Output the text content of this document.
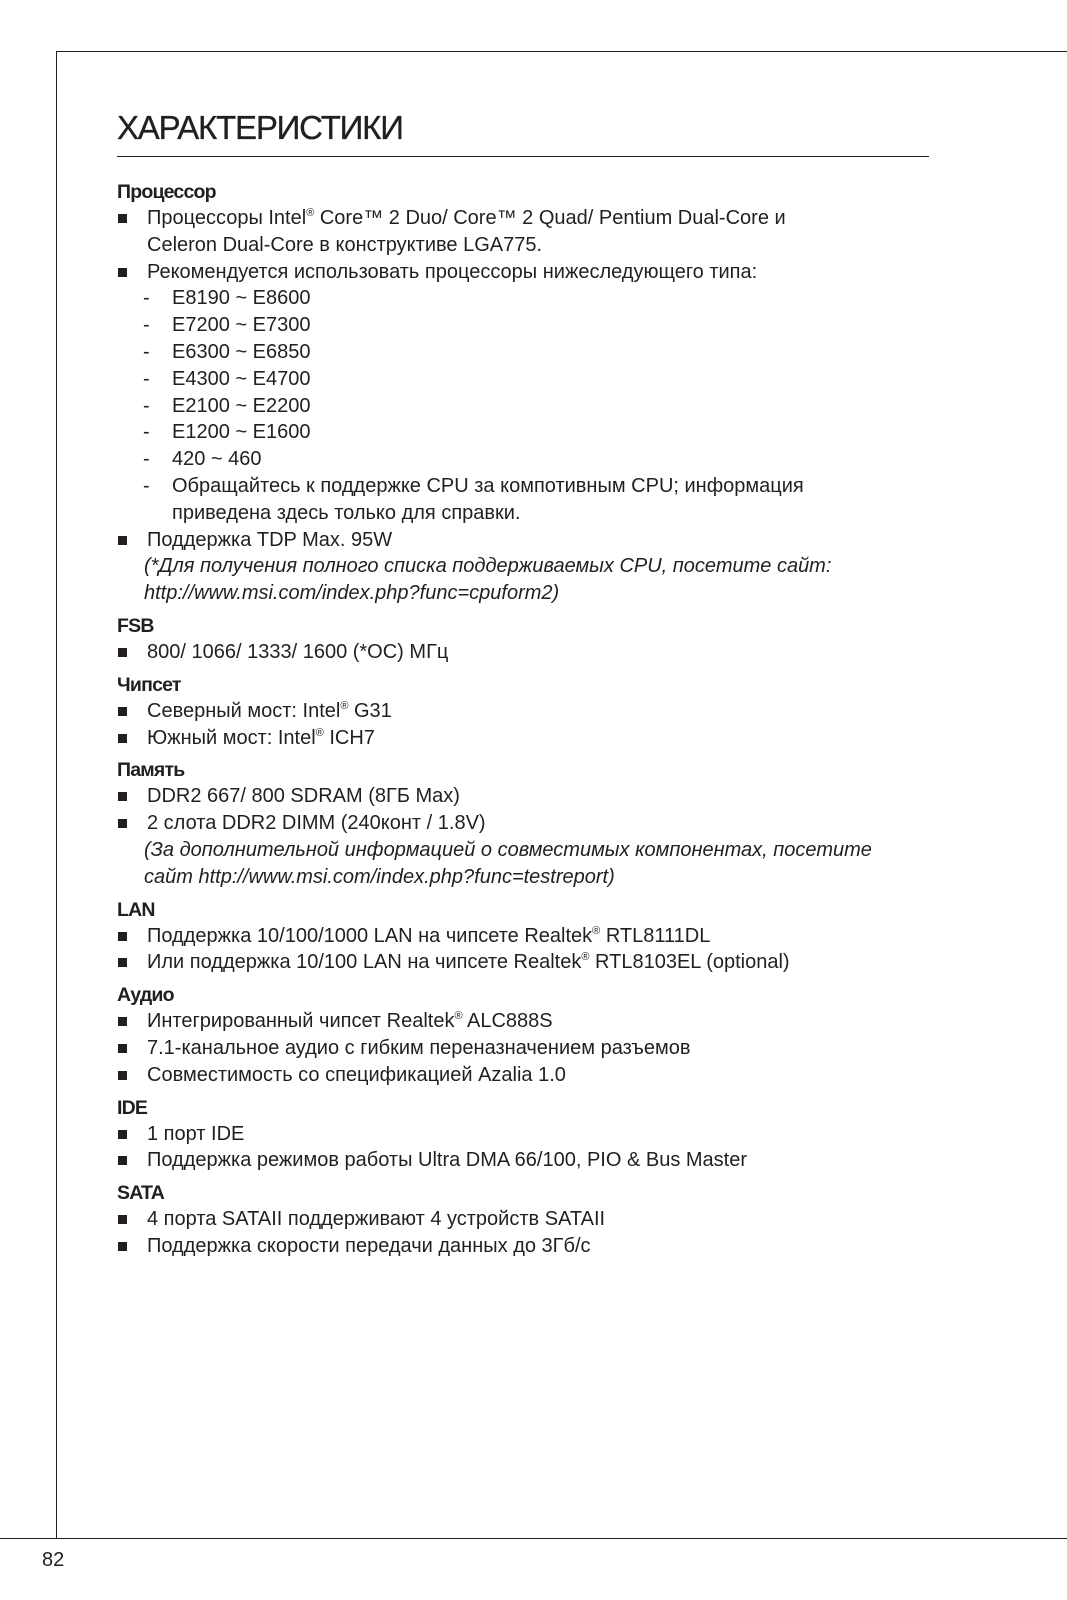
ХАРАКТЕРИСТИКИ
Процессор
Процессоры Intel® Core™ 2 Duo/ Core™ 2 Quad/ Pentium Dual-Core и
Celeron Dual-Core в конструктиве LGA775.
Рекомендуется использовать процессоры нижеследующего типа:
- E8190 ~ E8600
- E7200 ~ E7300
- E6300 ~ E6850
- E4300 ~ E4700
- E2100 ~ E2200
- E1200 ~ E1600
- 420 ~ 460
- Обращайтесь к поддержке CPU за компотивным CPU; информация
приведена здесь только для справки.
Поддержка TDP Max. 95W
(*Для получения полного списка поддерживаемых CPU, посетите сайт:
http://www.msi.com/index.php?func=cpuform2)
FSB
800/ 1066/ 1333/ 1600 (*OC) МГц
Чипсет
Северный мост: Intel® G31
Южный мост: Intel® ICH7
Память
DDR2 667/ 800 SDRAM (8ГБ Max)
2 слота DDR2 DIMM (240конт / 1.8V)
(За дополнительной информацией о совместимых компонентах, посетите
сайт http://www.msi.com/index.php?func=testreport)
LAN
Поддержка 10/100/1000 LAN на чипсете Realtek® RTL8111DL
Или поддержка 10/100 LAN на чипсете Realtek® RTL8103EL (optional)
Аудио
Интегрированный чипсет Realtek® ALC888S
7.1-канальное аудио с гибким переназначением разъемов
Совместимость со спецификацией Azalia 1.0
IDE
1 порт IDE
Поддержка режимов работы Ultra DMA 66/100, PIO & Bus Master
SATA
4 порта SATAII поддерживают 4 устройств SATAII
Поддержка скорости передачи данных до 3Гб/с
82
